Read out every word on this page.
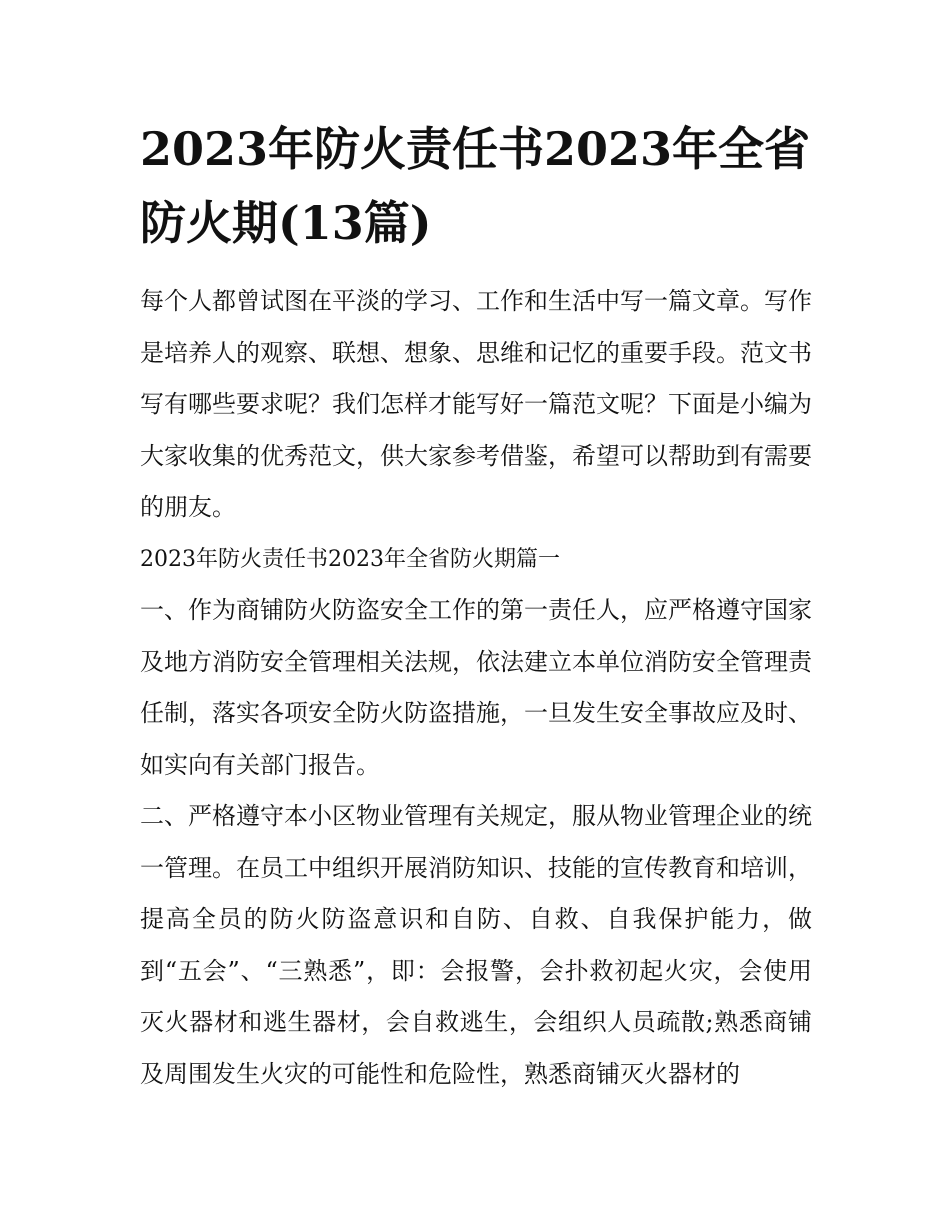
2023年防火责任书2023年全省防火期(13篇)

每个人都曾试图在平淡的学习、工作和生活中写一篇文章。写作是培养人的观察、联想、想象、思维和记忆的重要手段。范文书写有哪些要求呢？我们怎样才能写好一篇范文呢？下面是小编为大家收集的优秀范文，供大家参考借鉴，希望可以帮助到有需要的朋友。

2023年防火责任书2023年全省防火期篇一

一、作为商铺防火防盗安全工作的第一责任人，应严格遵守国家及地方消防安全管理相关法规，依法建立本单位消防安全管理责任制，落实各项安全防火防盗措施，一旦发生安全事故应及时、如实向有关部门报告。

二、严格遵守本小区物业管理有关规定，服从物业管理企业的统一管理。在员工中组织开展消防知识、技能的宣传教育和培训，提高全员的防火防盗意识和自防、自救、自我保护能力，做到“五会”、“三熟悉”，即：会报警，会扑救初起火灾，会使用灭火器材和逃生器材，会自救逃生，会组织人员疏散;熟悉商铺及周围发生火灾的可能性和危险性，熟悉商铺灭火器材的
